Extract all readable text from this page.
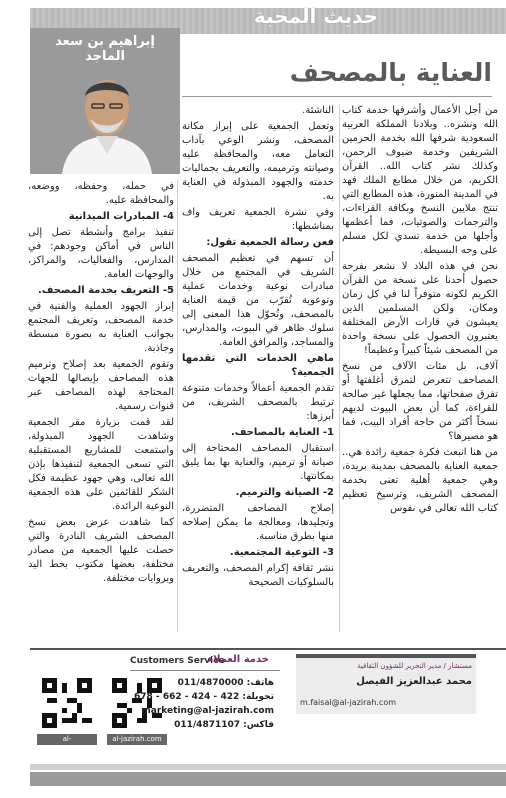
حديث المحبة
إبراهيم بن سعد
الماجد
العناية بالمصحف

من أجل الأعمال وأشرفها خدمة كتاب الله ونشره.. وبلادنا المملكة العربية السعودية شرفها الله بخدمة الحرمين الشريفين وخدمة ضيوف الرحمن، وكذلك نشر كتاب الله.. القرآن الكريم، من خلال مطابع الملك فهد في المدينة المنورة، هذه المطابع التي تنتج ملايين النسخ وبكافة القراءات، والترجمات والصوتيات، فما أعظمها وأجلها من خدمة تسدي لكل مسلم على وجه البسيطة.

نحن في هذه البلاد لا نشعر بفرحة حصول أحدنا على نسخة من القرآن الكريم لكونه متوفراً لنا في كل زمان ومكان، ولكن المسلمين الذين يعيشون في قارات الأرض المختلفة يعتبرون الحصول على نسخة واحدة من المصحف شيئاً كبيراً وعظيماً!

آلاف، بل مئات الآلاف من نسخ المصاحف تتعرض لتمزق أغلفتها أو تفرق صفحاتها، مما يجعلها غير صالحة للقراءة، كما أن بعض البيوت لديهم نسخاً أكثر من حاجة أفراد البيت، فما هو مصيرها؟

من هنا انبعث فكرة جمعية رائدة هي.. جمعية العناية بالمصحف بمدينة بريدة، وهي جمعية أهلية تعنى بخدمة المصحف الشريف، وترسيخ تعظيم كتاب الله تعالى في نفوس

الناشئة.

وتعمل الجمعية على إبراز مكانة المصحف، ونشر الوعي بآداب التعامل معه، والمحافظة عليه وصيانته وترميمه، والتعريف بجماليات خدمته والجهود المبذولة في العناية به.

وفي نشرة الجمعية تعريف واف بمناشطها:

فعن رسالة الجمعية تقول:

أن تسهم في تعظيم المصحف الشريف في المجتمع من خلال مبادرات نوعية وخدمات عملية وتوعوية تُقرّب من قيمة العناية بالمصحف، وتُحوّل هذا المعنى إلى سلوك ظاهر في البيوت، والمدارس، والمساجد، والمرافق العامة.

ماهي الخدمات التي تقدمها الجمعية؟

تقدم الجمعية أعمالاً وخدمات متنوعة ترتبط بالمصحف الشريف، من أبرزها:

1- العناية بالمصاحف.

استقبال المصاحف المحتاجة إلى صيانة أو ترميم، والعناية بها بما يليق بمكانتها.

2- الصيانة والترميم.

إصلاح المصاحف المتضررة، وتجليدها، ومعالجة ما يمكن إصلاحه منها بطرق مناسبة.

3- التوعية المجتمعية.

نشر ثقافة إكرام المصحف، والتعريف بالسلوكيات الصحيحة

في حمله، وحفظه، ووضعه، والمحافظة عليه.

4- المبادرات الميدانية

تنفيذ برامج وأنشطة تصل إلى الناس في أماكن وجودهم: في المدارس، والفعاليات، والمراكز، والوجهات العامة.

5- التعريف بخدمة المصحف.

إبراز الجهود العملية والفنية في خدمة المصحف، وتعريف المجتمع بجوانب العناية به بصورة مبسطة وجاذبة.

وتقوم الجمعية بعد إصلاح وترميم هذه المصاحف بإيصالها للجهات المحتاجة لهذه المصاحف عبر قنوات رسمية.

لقد قمت بزيارة مقر الجمعية وشاهدت الجهود المبذولة، واستمعت للمشاريع المستقبلية التي تسعى الجمعية لتنفيذها بإذن الله تعالى، وهي جهود عظيمة فكل الشكر للقائمين على هذه الجمعية النوعية الرائدة.

كما شاهدت عرض بعض نسخ المصحف الشريف النادرة والتي حصلت عليها الجمعية من مصادر مختلفة، بعضها مكتوب بخط اليد وبروايات مختلفة.

al-jazirahonline.com
al-jazirah.com
Customers Service
خدمة العملاء
هاتف: 011/4870000
تحويلة: 422 - 424 - 662 - 678
marketing@al-jazirah.com
فاكس: 011/4871107
مستشار / مدير التحرير للشؤون الثقافية
محمد عبدالعزيز الفيصل
m.faisal@al-jazirah.com
